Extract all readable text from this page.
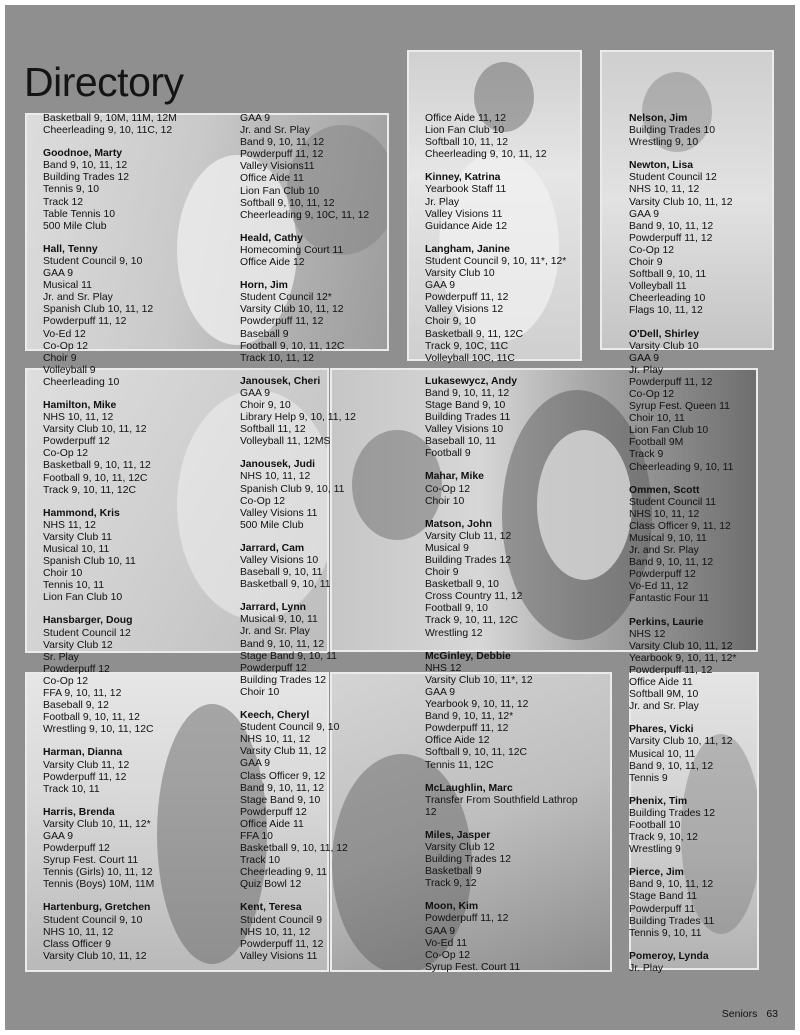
Directory
Basketball 9, 10M, 11M, 12M
Cheerleading 9, 10, 11C, 12
Goodnoe, Marty
Band 9, 10, 11, 12
Building Trades 12
Tennis 9, 10
Track 12
Table Tennis 10
500 Mile Club
Hall, Tenny
Student Council 9, 10
GAA 9
Musical 11
Jr. and Sr. Play
Spanish Club 10, 11, 12
Powderpuff 11, 12
Vo-Ed 12
Co-Op 12
Choir 9
Volleyball 9
Cheerleading 10
Hamilton, Mike
NHS 10, 11, 12
Varsity Club 10, 11, 12
Powderpuff 12
Co-Op 12
Basketball 9, 10, 11, 12
Football 9, 10, 11, 12C
Track 9, 10, 11, 12C
Hammond, Kris
NHS 11, 12
Varsity Club 11
Musical 10, 11
Spanish Club 10, 11
Choir 10
Tennis 10, 11
Lion Fan Club 10
Hansbarger, Doug
Student Council 12
Varsity Club 12
Sr. Play
Powderpuff 12
Co-Op 12
FFA 9, 10, 11, 12
Baseball 9, 12
Football 9, 10, 11, 12
Wrestling 9, 10, 11, 12C
Harman, Dianna
Varsity Club 11, 12
Powderpuff 11, 12
Track 10, 11
Harris, Brenda
Varsity Club 10, 11, 12*
GAA 9
Powderpuff 12
Syrup Fest. Court 11
Tennis (Girls) 10, 11, 12
Tennis (Boys) 10M, 11M
Hartenburg, Gretchen
Student Council 9, 10
NHS 10, 11, 12
Class Officer 9
Varsity Club 10, 11, 12
GAA 9
Jr. and Sr. Play
Band 9, 10, 11, 12
Powderpuff 11, 12
Valley Visions11
Office Aide 11
Lion Fan Club 10
Softball 9, 10, 11, 12
Cheerleading 9, 10C, 11, 12
Heald, Cathy
Homecoming Court 11
Office Aide 12
Horn, Jim
Student Council 12*
Varsity Club 10, 11, 12
Powderpuff 11, 12
Baseball 9
Football 9, 10, 11, 12C
Track 10, 11, 12
Janousek, Cheri
GAA 9
Choir 9, 10
Library Help 9, 10, 11, 12
Softball 11, 12
Volleyball 11, 12MS
Janousek, Judi
NHS 10, 11, 12
Spanish Club 9, 10, 11
Co-Op 12
Valley Visions 11
500 Mile Club
Jarrard, Cam
Valley Visions 10
Baseball 9, 10, 11
Basketball 9, 10, 11
Jarrard, Lynn
Musical 9, 10, 11
Jr. and Sr. Play
Band 9, 10, 11, 12
Stage Band 9, 10, 11
Powderpuff 12
Building Trades 12
Choir 10
Keech, Cheryl
Student Council 9, 10
NHS 10, 11, 12
Varsity Club 11, 12
GAA 9
Class Officer 9, 12
Band 9, 10, 11, 12
Stage Band 9, 10
Powderpuff 12
Office Aide 11
FFA 10
Basketball 9, 10, 11, 12
Track 10
Cheerleading 9, 11
Quiz Bowl 12
Kent, Teresa
Student Council 9
NHS 10, 11, 12
Powderpuff 11, 12
Valley Visions 11
Office Aide 11, 12
Lion Fan Club 10
Softball 10, 11, 12
Cheerleading 9, 10, 11, 12
Kinney, Katrina
Yearbook Staff 11
Jr. Play
Valley Visions 11
Guidance Aide 12
Langham, Janine
Student Council 9, 10, 11*, 12*
Varsity Club 10
GAA 9
Powderpuff 11, 12
Valley Visions 12
Choir 9, 10
Basketball 9, 11, 12C
Track 9, 10C, 11C
Volleyball 10C, 11C
Lukasewycz, Andy
Band 9, 10, 11, 12
Stage Band 9, 10
Building Trades 11
Valley Visions 10
Baseball 10, 11
Football 9
Mahar, Mike
Co-Op 12
Choir 10
Matson, John
Varsity Club 11, 12
Musical 9
Building Trades 12
Choir 9
Basketball 9, 10
Cross Country 11, 12
Football 9, 10
Track 9, 10, 11, 12C
Wrestling 12
McGinley, Debbie
NHS 12
Varsity Club 10, 11*, 12
GAA 9
Yearbook 9, 10, 11, 12
Band 9, 10, 11, 12*
Powderpuff 11, 12
Office Aide 12
Softball 9, 10, 11, 12C
Tennis 11, 12C
McLaughlin, Marc
Transfer From Southfield Lathrop
12
Miles, Jasper
Varsity Club 12
Building Trades 12
Basketball 9
Track 9, 12
Moon, Kim
Powderpuff 11, 12
GAA 9
Vo-Ed 11
Co-Op 12
Syrup Fest. Court 11
Nelson, Jim
Building Trades 10
Wrestling 9, 10
Newton, Lisa
Student Council 12
NHS 10, 11, 12
Varsity Club 10, 11, 12
GAA 9
Band 9, 10, 11, 12
Powderpuff 11, 12
Co-Op 12
Choir 9
Softball 9, 10, 11
Volleyball 11
Cheerleading 10
Flags 10, 11, 12
O'Dell, Shirley
Varsity Club 10
GAA 9
Jr. Play
Powderpuff 11, 12
Co-Op 12
Syrup Fest. Queen 11
Choir 10, 11
Lion Fan Club 10
Football 9M
Track 9
Cheerleading 9, 10, 11
Ommen, Scott
Student Council 11
NHS 10, 11, 12
Class Officer 9, 11, 12
Musical 9, 10, 11
Jr. and Sr. Play
Band 9, 10, 11, 12
Powderpuff 12
Vo-Ed 11, 12
Fantastic Four 11
Perkins, Laurie
NHS 12
Varsity Club 10, 11, 12
Yearbook 9, 10, 11, 12*
Powderpuff 11, 12
Office Aide 11
Softball 9M, 10
Jr. and Sr. Play
Phares, Vicki
Varsity Club 10, 11, 12
Musical 10, 11
Band 9, 10, 11, 12
Tennis 9
Phenix, Tim
Building Trades 12
Football 10
Track 9, 10, 12
Wrestling 9
Pierce, Jim
Band 9, 10, 11, 12
Stage Band 11
Powderpuff 11
Building Trades 11
Tennis 9, 10, 11
Pomeroy, Lynda
Jr. Play
Seniors 63
